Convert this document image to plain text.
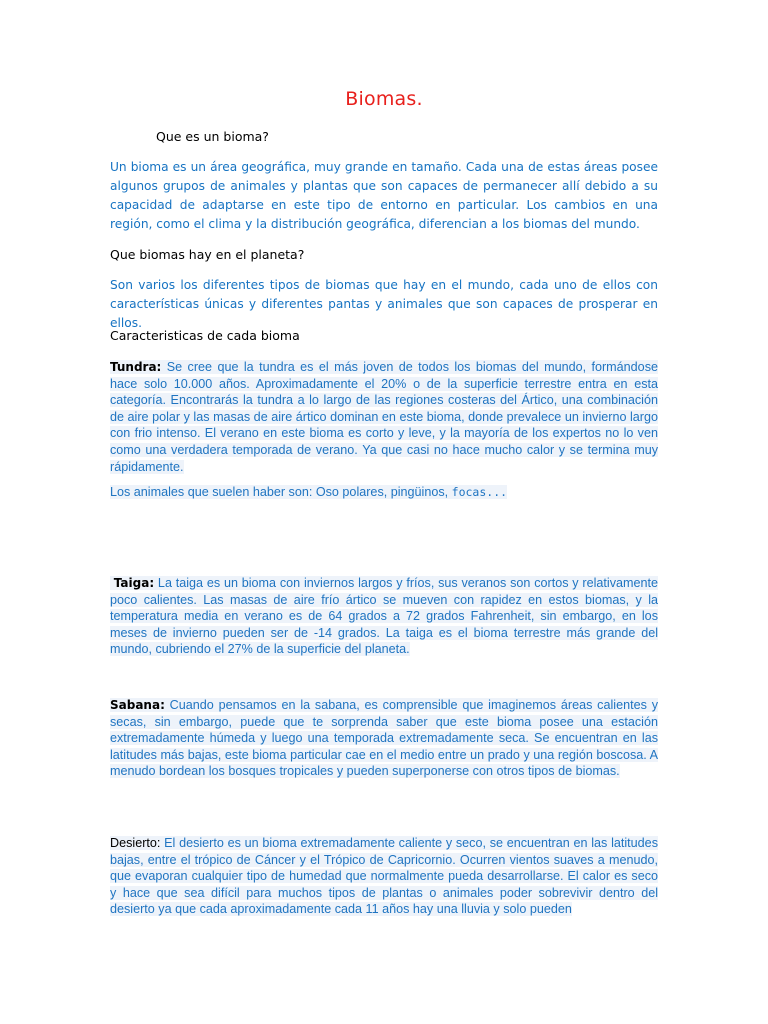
Biomas.
Que es un bioma?
Un bioma es un área geográfica, muy grande en tamaño. Cada una de estas áreas posee algunos grupos de animales y plantas que son capaces de permanecer allí debido a su capacidad de adaptarse en este tipo de entorno en particular. Los cambios en una región, como el clima y la distribución geográfica, diferencian a los biomas del mundo.
Que biomas hay en el planeta?
Son varios los diferentes tipos de biomas que hay en el mundo, cada uno de ellos con características únicas y diferentes pantas y animales que son capaces de prosperar en ellos.
Caracteristicas de cada bioma
Tundra: Se cree que la tundra es el más joven de todos los biomas del mundo, formándose hace solo 10.000 años. Aproximadamente el 20% o de la superficie terrestre entra en esta categoría. Encontrarás la tundra a lo largo de las regiones costeras del Ártico, una combinación de aire polar y las masas de aire ártico dominan en este bioma, donde prevalece un invierno largo con frio intenso. El verano en este bioma es corto y leve, y la mayoría de los expertos no lo ven como una verdadera temporada de verano. Ya que casi no hace mucho calor y se termina muy rápidamente.
Los animales que suelen haber son: Oso polares, pingüinos, focas...
Taiga: La taiga es un bioma con inviernos largos y fríos, sus veranos son cortos y relativamente poco calientes. Las masas de aire frío ártico se mueven con rapidez en estos biomas, y la temperatura media en verano es de 64 grados a 72 grados Fahrenheit, sin embargo, en los meses de invierno pueden ser de -14 grados. La taiga es el bioma terrestre más grande del mundo, cubriendo el 27% de la superficie del planeta.
Sabana: Cuando pensamos en la sabana, es comprensible que imaginemos áreas calientes y secas, sin embargo, puede que te sorprenda saber que este bioma posee una estación extremadamente húmeda y luego una temporada extremadamente seca. Se encuentran en las latitudes más bajas, este bioma particular cae en el medio entre un prado y una región boscosa. A menudo bordean los bosques tropicales y pueden superponerse con otros tipos de biomas.
Desierto: El desierto es un bioma extremadamente caliente y seco, se encuentran en las latitudes bajas, entre el trópico de Cáncer y el Trópico de Capricornio. Ocurren vientos suaves a menudo, que evaporan cualquier tipo de humedad que normalmente pueda desarrollarse. El calor es seco y hace que sea difícil para muchos tipos de plantas o animales poder sobrevivir dentro del desierto ya que cada aproximadamente cada 11 años hay una lluvia y solo pueden
